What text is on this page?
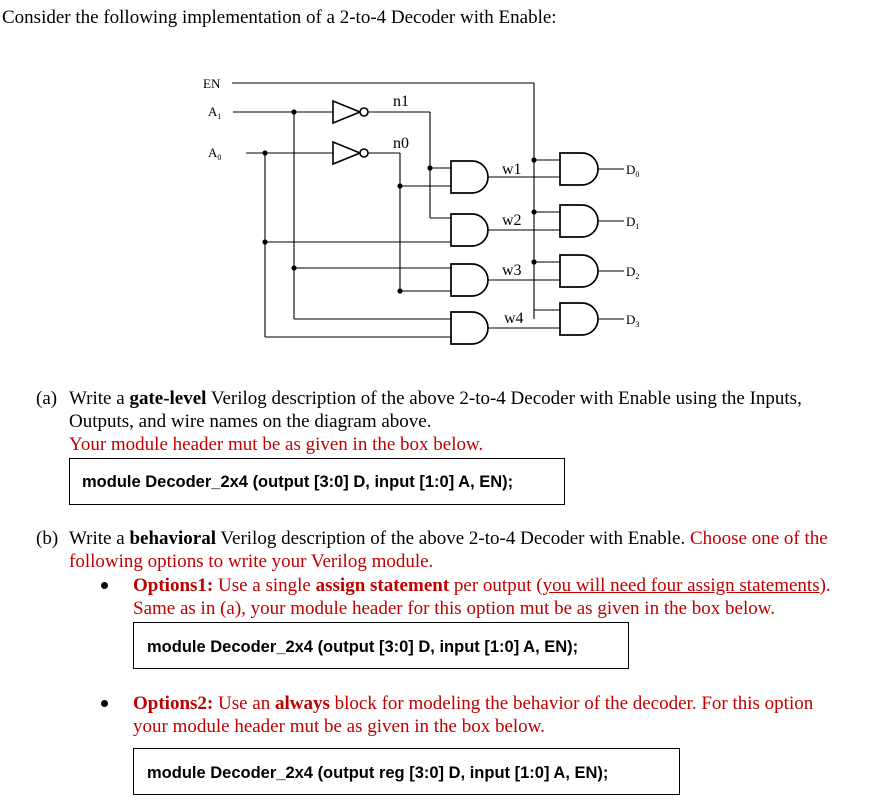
Consider the following implementation of a 2-to-4 Decoder with Enable:
EN
$A_1$
$A_0$
n1
n0
w1
w2
w3
w4
$D_0$
$D_1$
$D_2$
$D_3$
(a) Write a gate-level Verilog description of the above 2-to-4 Decoder with Enable using the Inputs,
Outputs, and wire names on the diagram above.
Your module header mut be as given in the box below.
module Decoder_2x4 (output [3:0] D, input [1:0] A, EN);
(b) Write a behavioral Verilog description of the above 2-to-4 Decoder with Enable. Choose one of the
following options to write your Verilog module.
Options1: Use a single assign statement per output (you will need four assign statements).
Same as in (a), your module header for this option mut be as given in the box below.
module Decoder_2x4 (output [3:0] D, input [1:0] A, EN);
Options2: Use an always block for modeling the behavior of the decoder. For this option
your module header mut be as given in the box below.
module Decoder_2x4 (output reg [3:0] D, input [1:0] A, EN);
